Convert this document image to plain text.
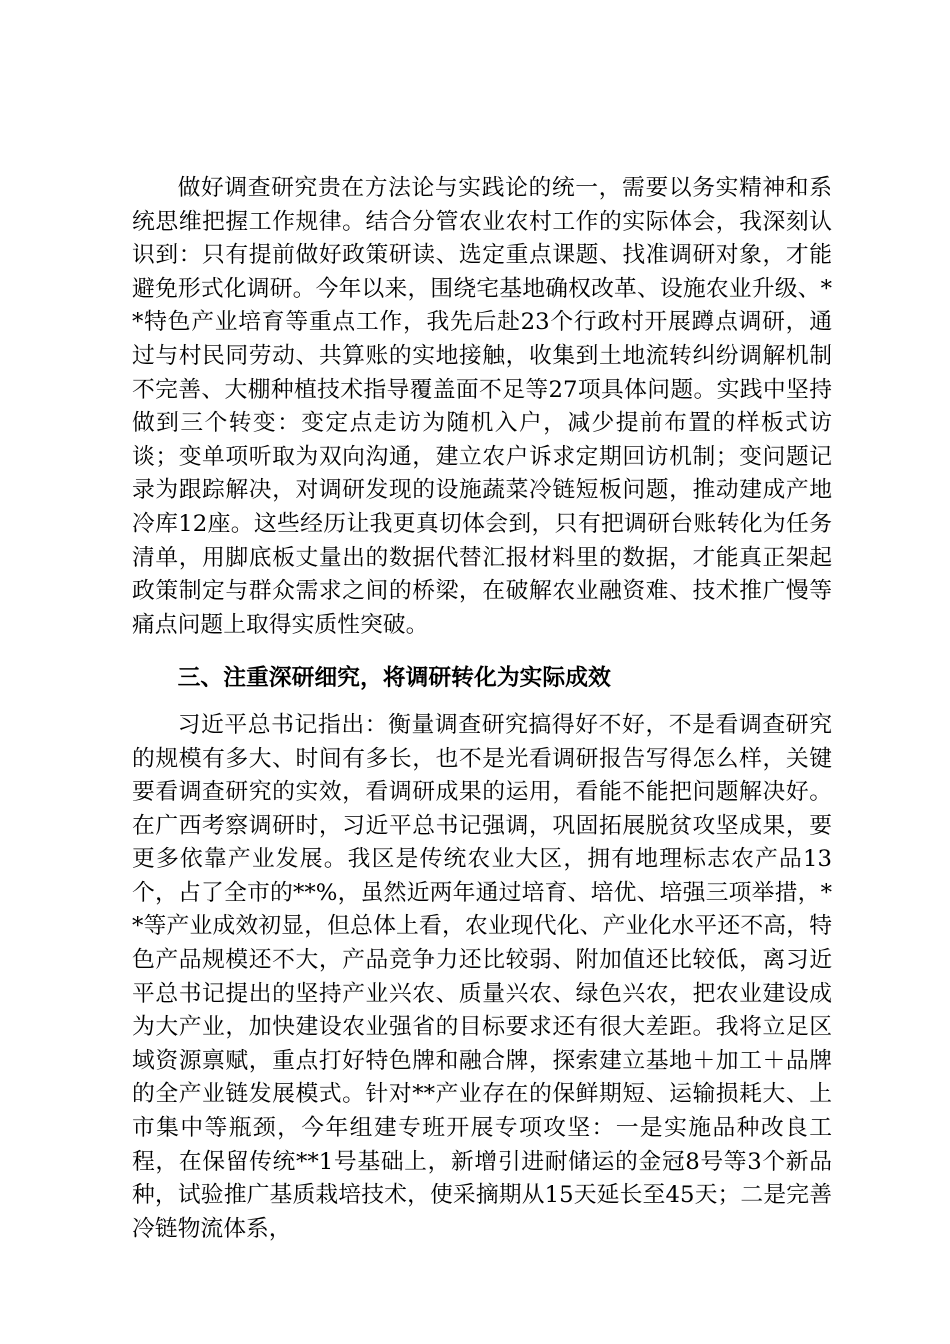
做好调查研究贵在方法论与实践论的统一，需要以务实精神和系统思维把握工作规律。结合分管农业农村工作的实际体会，我深刻认识到：只有提前做好政策研读、选定重点课题、找准调研对象，才能避免形式化调研。今年以来，围绕宅基地确权改革、设施农业升级、**特色产业培育等重点工作，我先后赴23个行政村开展蹲点调研，通过与村民同劳动、共算账的实地接触，收集到土地流转纠纷调解机制不完善、大棚种植技术指导覆盖面不足等27项具体问题。实践中坚持做到三个转变：变定点走访为随机入户，减少提前布置的样板式访谈；变单项听取为双向沟通，建立农户诉求定期回访机制；变问题记录为跟踪解决，对调研发现的设施蔬菜冷链短板问题，推动建成产地冷库12座。这些经历让我更真切体会到，只有把调研台账转化为任务清单，用脚底板丈量出的数据代替汇报材料里的数据，才能真正架起政策制定与群众需求之间的桥梁，在破解农业融资难、技术推广慢等痛点问题上取得实质性突破。

三、注重深研细究，将调研转化为实际成效

习近平总书记指出：衡量调查研究搞得好不好，不是看调查研究的规模有多大、时间有多长，也不是光看调研报告写得怎么样，关键要看调查研究的实效，看调研成果的运用，看能不能把问题解决好。在广西考察调研时，习近平总书记强调，巩固拓展脱贫攻坚成果，要更多依靠产业发展。我区是传统农业大区，拥有地理标志农产品13个，占了全市的**%，虽然近两年通过培育、培优、培强三项举措，**等产业成效初显，但总体上看，农业现代化、产业化水平还不高，特色产品规模还不大，产品竞争力还比较弱、附加值还比较低，离习近平总书记提出的坚持产业兴农、质量兴农、绿色兴农，把农业建设成为大产业，加快建设农业强省的目标要求还有很大差距。我将立足区域资源禀赋，重点打好特色牌和融合牌，探索建立基地＋加工＋品牌的全产业链发展模式。针对**产业存在的保鲜期短、运输损耗大、上市集中等瓶颈，今年组建专班开展专项攻坚：一是实施品种改良工程，在保留传统**1号基础上，新增引进耐储运的金冠8号等3个新品种，试验推广基质栽培技术，使采摘期从15天延长至45天；二是完善冷链物流体系，
